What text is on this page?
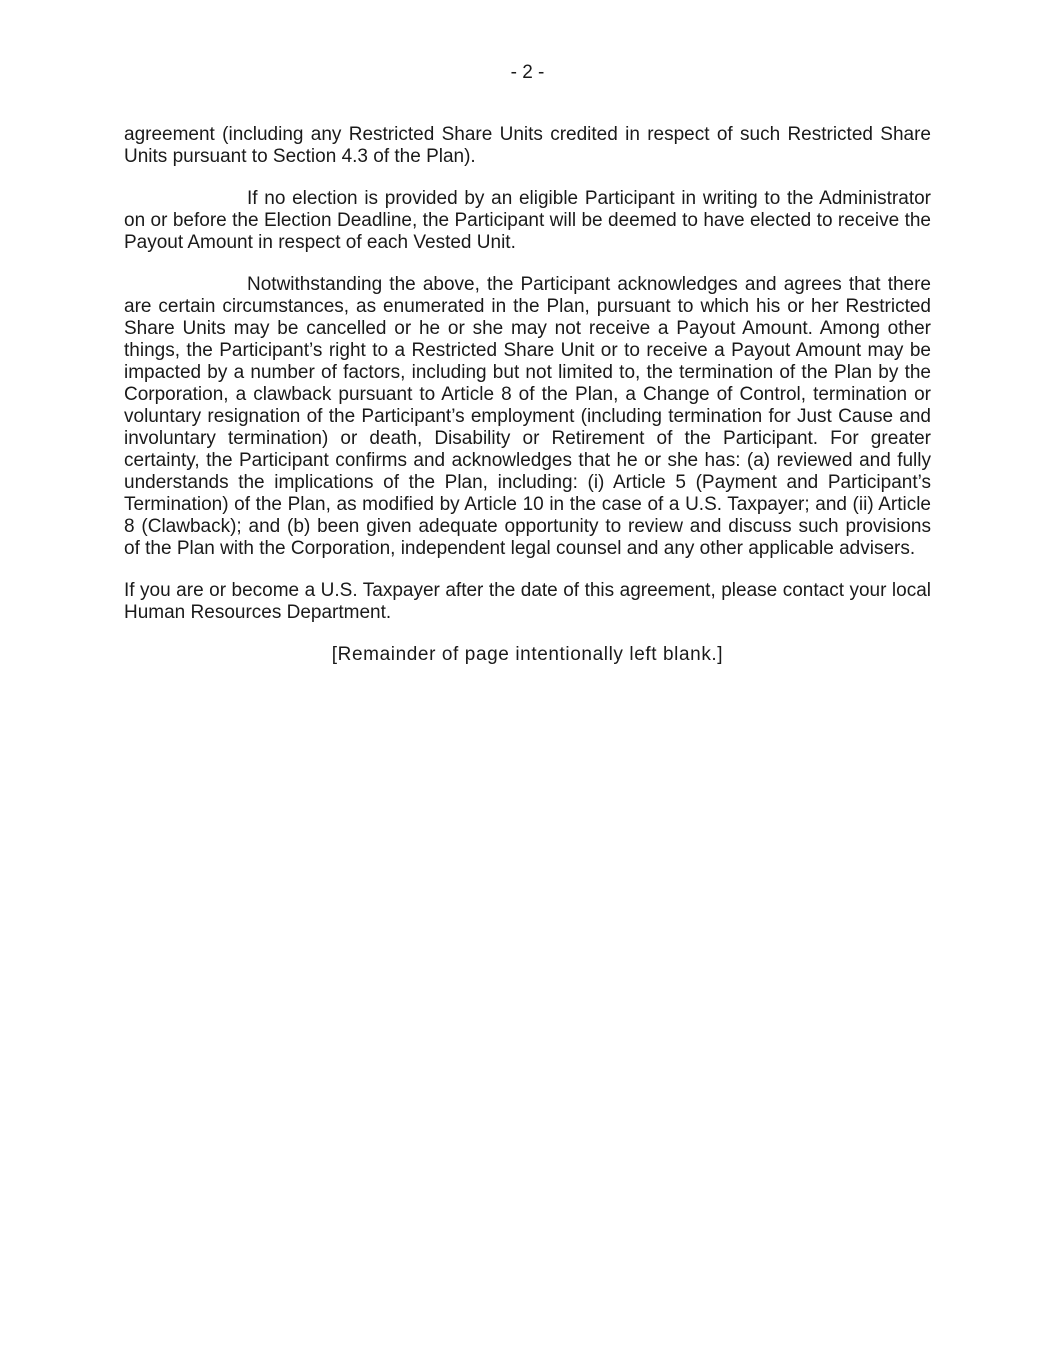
- 2 -

agreement (including any Restricted Share Units credited in respect of such Restricted Share Units pursuant to Section 4.3 of the Plan).

If no election is provided by an eligible Participant in writing to the Administrator on or before the Election Deadline, the Participant will be deemed to have elected to receive the Payout Amount in respect of each Vested Unit.

Notwithstanding the above, the Participant acknowledges and agrees that there are certain circumstances, as enumerated in the Plan, pursuant to which his or her Restricted Share Units may be cancelled or he or she may not receive a Payout Amount. Among other things, the Participant’s right to a Restricted Share Unit or to receive a Payout Amount may be impacted by a number of factors, including but not limited to, the termination of the Plan by the Corporation, a clawback pursuant to Article 8 of the Plan, a Change of Control, termination or voluntary resignation of the Participant’s employment (including termination for Just Cause and involuntary termination) or death, Disability or Retirement of the Participant. For greater certainty, the Participant confirms and acknowledges that he or she has: (a) reviewed and fully understands the implications of the Plan, including: (i) Article 5 (Payment and Participant’s Termination) of the Plan, as modified by Article 10 in the case of a U.S. Taxpayer; and (ii) Article 8 (Clawback); and (b) been given adequate opportunity to review and discuss such provisions of the Plan with the Corporation, independent legal counsel and any other applicable advisers.

If you are or become a U.S. Taxpayer after the date of this agreement, please contact your local Human Resources Department.

[Remainder of page intentionally left blank.]
